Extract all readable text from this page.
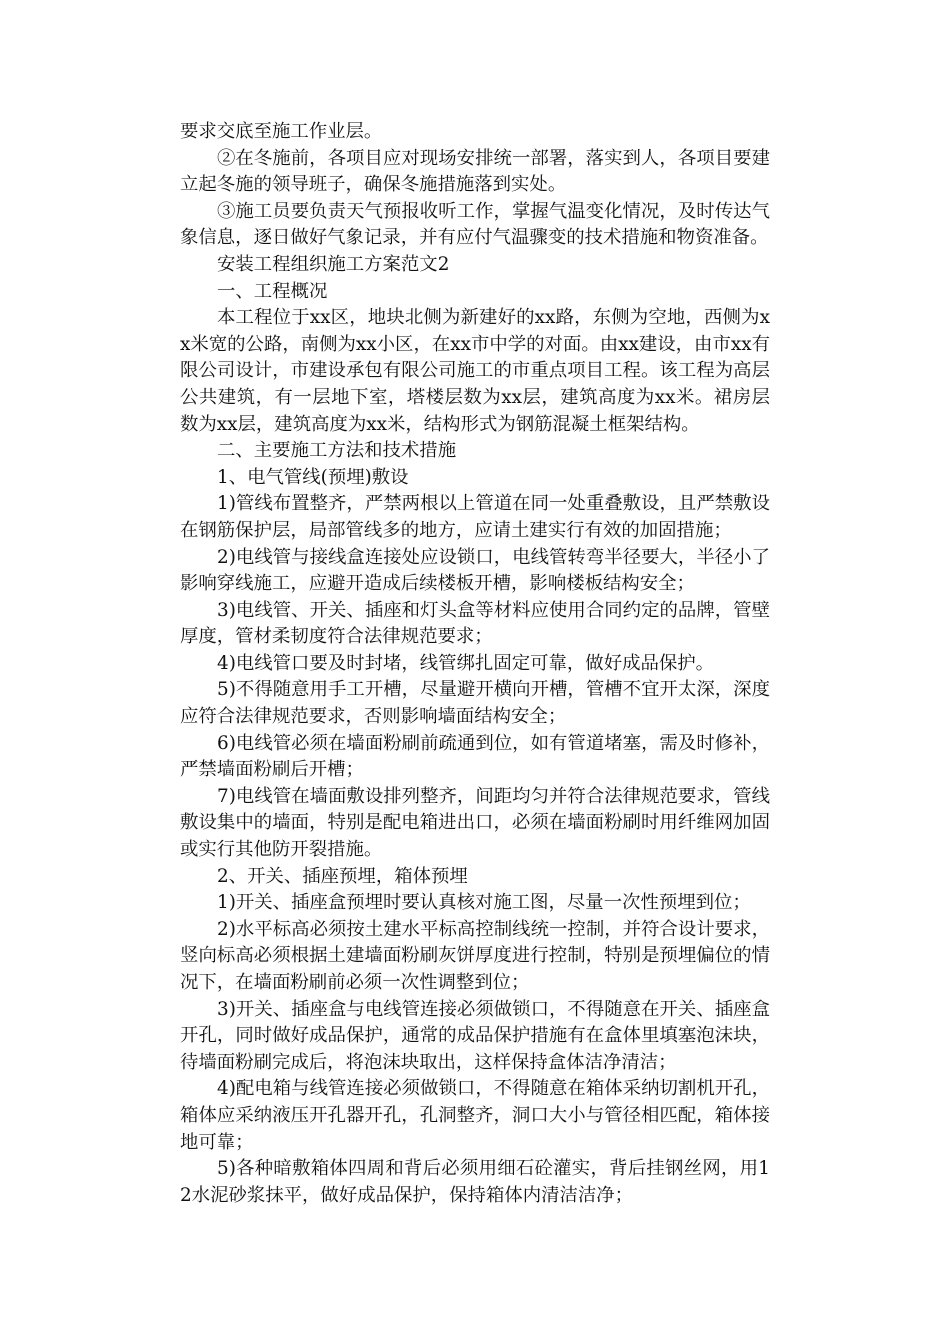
要求交底至施工作业层。

②在冬施前，各项目应对现场安排统一部署，落实到人，各项目要建立起冬施的领导班子，确保冬施措施落到实处。

③施工员要负责天气预报收听工作，掌握气温变化情况，及时传达气象信息，逐日做好气象记录，并有应付气温骤变的技术措施和物资准备。

安装工程组织施工方案范文2

一、工程概况

本工程位于xx区，地块北侧为新建好的xx路，东侧为空地，西侧为xx米宽的公路，南侧为xx小区，在xx市中学的对面。由xx建设，由市xx有限公司设计，市建设承包有限公司施工的市重点项目工程。该工程为高层公共建筑，有一层地下室，塔楼层数为xx层，建筑高度为xx米。裙房层数为xx层，建筑高度为xx米，结构形式为钢筋混凝土框架结构。

二、主要施工方法和技术措施

1、电气管线(预埋)敷设

1)管线布置整齐，严禁两根以上管道在同一处重叠敷设，且严禁敷设在钢筋保护层，局部管线多的地方，应请土建实行有效的加固措施；

2)电线管与接线盒连接处应设锁口，电线管转弯半径要大，半径小了影响穿线施工，应避开造成后续楼板开槽，影响楼板结构安全；

3)电线管、开关、插座和灯头盒等材料应使用合同约定的品牌，管壁厚度，管材柔韧度符合法律规范要求；

4)电线管口要及时封堵，线管绑扎固定可靠，做好成品保护。

5)不得随意用手工开槽，尽量避开横向开槽，管槽不宜开太深，深度应符合法律规范要求，否则影响墙面结构安全；

6)电线管必须在墙面粉刷前疏通到位，如有管道堵塞，需及时修补，严禁墙面粉刷后开槽；

7)电线管在墙面敷设排列整齐，间距均匀并符合法律规范要求，管线敷设集中的墙面，特别是配电箱进出口，必须在墙面粉刷时用纤维网加固或实行其他防开裂措施。

2、开关、插座预埋，箱体预埋

1)开关、插座盒预埋时要认真核对施工图，尽量一次性预埋到位；

2)水平标高必须按土建水平标高控制线统一控制，并符合设计要求，竖向标高必须根据土建墙面粉刷灰饼厚度进行控制，特别是预埋偏位的情况下，在墙面粉刷前必须一次性调整到位；

3)开关、插座盒与电线管连接必须做锁口，不得随意在开关、插座盒开孔，同时做好成品保护，通常的成品保护措施有在盒体里填塞泡沫块，待墙面粉刷完成后，将泡沫块取出，这样保持盒体洁净清洁；

4)配电箱与线管连接必须做锁口，不得随意在箱体采纳切割机开孔，箱体应采纳液压开孔器开孔，孔洞整齐，洞口大小与管径相匹配，箱体接地可靠；

5)各种暗敷箱体四周和背后必须用细石砼灌实，背后挂钢丝网，用12水泥砂浆抹平，做好成品保护，保持箱体内清洁洁净；
